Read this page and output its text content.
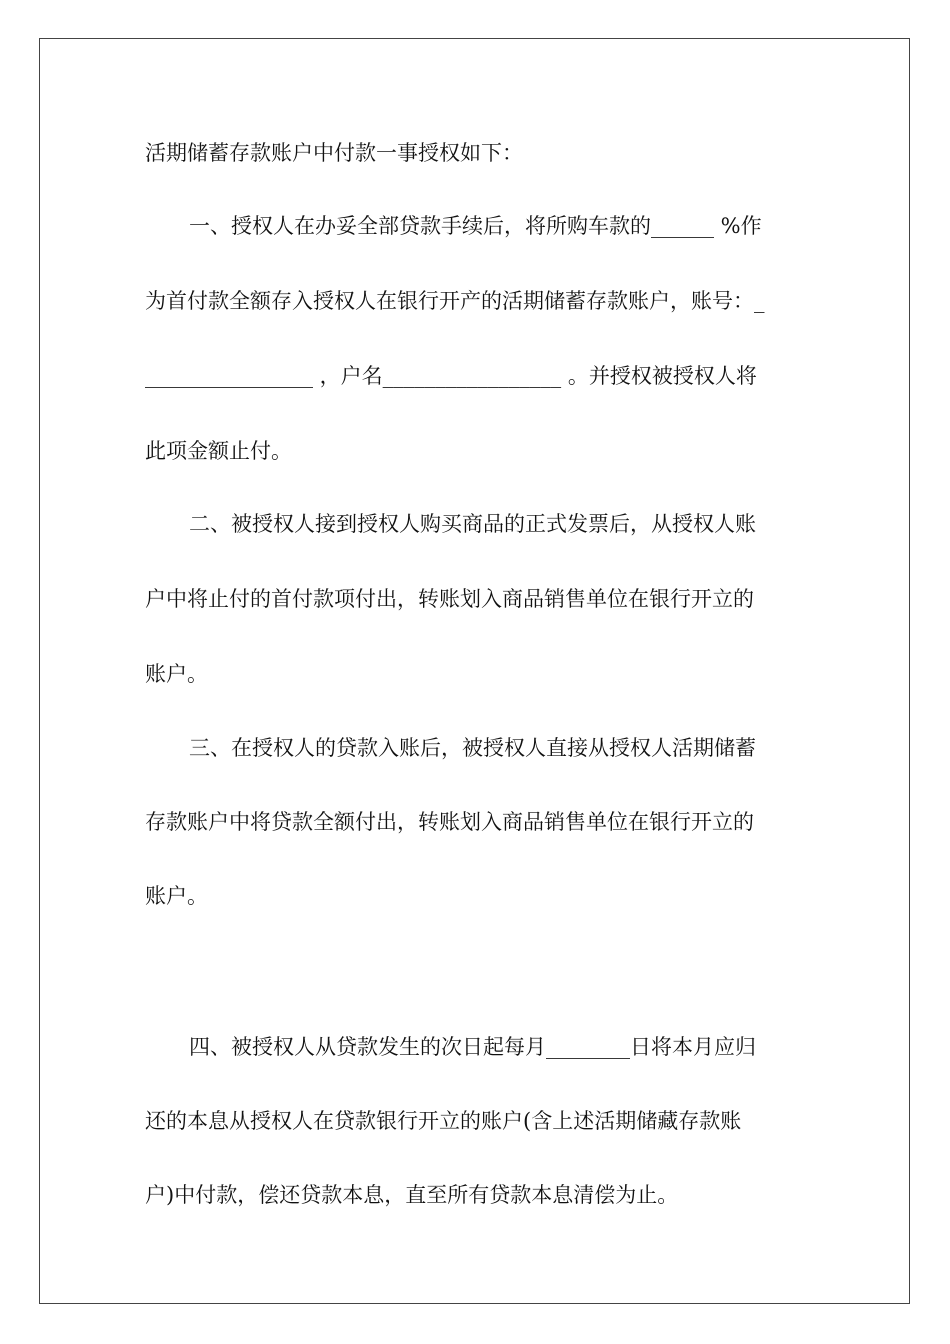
活期储蓄存款账户中付款一事授权如下：
一、授权人在办妥全部贷款手续后，将所购车款的______ %作
为首付款全额存入授权人在银行开产的活期储蓄存款账户，账号：_
________________ ，户名_________________ 。并授权被授权人将
此项金额止付。
二、被授权人接到授权人购买商品的正式发票后，从授权人账
户中将止付的首付款项付出，转账划入商品销售单位在银行开立的
账户。
三、在授权人的贷款入账后，被授权人直接从授权人活期储蓄
存款账户中将贷款全额付出，转账划入商品销售单位在银行开立的
账户。
四、被授权人从贷款发生的次日起每月________日将本月应归
还的本息从授权人在贷款银行开立的账户(含上述活期储藏存款账
户)中付款，偿还贷款本息，直至所有贷款本息清偿为止。
